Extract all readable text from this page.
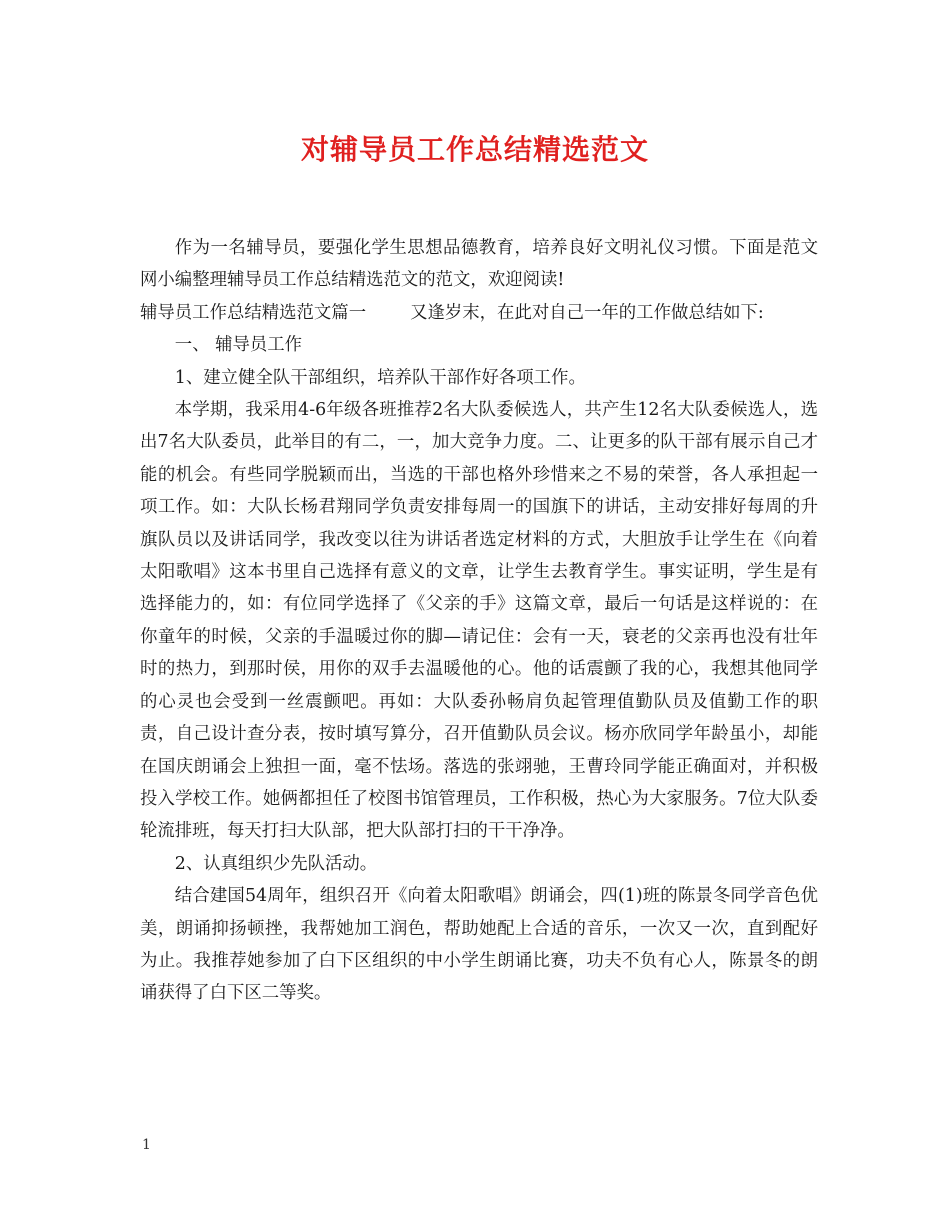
对辅导员工作总结精选范文

作为一名辅导员，要强化学生思想品德教育，培养良好文明礼仪习惯。下面是范文网小编整理辅导员工作总结精选范文的范文，欢迎阅读!

辅导员工作总结精选范文篇一	又逢岁末，在此对自己一年的工作做总结如下:

一、 辅导员工作

1、建立健全队干部组织，培养队干部作好各项工作。

本学期，我采用4-6年级各班推荐2名大队委候选人，共产生12名大队委候选人，选出7名大队委员，此举目的有二，一，加大竞争力度。二、让更多的队干部有展示自己才能的机会。有些同学脱颖而出，当选的干部也格外珍惜来之不易的荣誉，各人承担起一项工作。如：大队长杨君翔同学负责安排每周一的国旗下的讲话，主动安排好每周的升旗队员以及讲话同学，我改变以往为讲话者选定材料的方式，大胆放手让学生在《向着太阳歌唱》这本书里自己选择有意义的文章，让学生去教育学生。事实证明，学生是有选择能力的，如：有位同学选择了《父亲的手》这篇文章，最后一句话是这样说的：在你童年的时候，父亲的手温暖过你的脚—请记住：会有一天，衰老的父亲再也没有壮年时的热力，到那时侯，用你的双手去温暖他的心。他的话震颤了我的心，我想其他同学的心灵也会受到一丝震颤吧。再如：大队委孙畅肩负起管理值勤队员及值勤工作的职责，自己设计查分表，按时填写算分，召开值勤队员会议。杨亦欣同学年龄虽小，却能在国庆朗诵会上独担一面，毫不怯场。落选的张翊驰，王曹玲同学能正确面对，并积极投入学校工作。她俩都担任了校图书馆管理员，工作积极，热心为大家服务。7位大队委轮流排班，每天打扫大队部，把大队部打扫的干干净净。

2、认真组织少先队活动。

结合建国54周年，组织召开《向着太阳歌唱》朗诵会，四(1)班的陈景冬同学音色优美，朗诵抑扬顿挫，我帮她加工润色，帮助她配上合适的音乐，一次又一次，直到配好为止。我推荐她参加了白下区组织的中小学生朗诵比赛，功夫不负有心人，陈景冬的朗诵获得了白下区二等奖。

1
